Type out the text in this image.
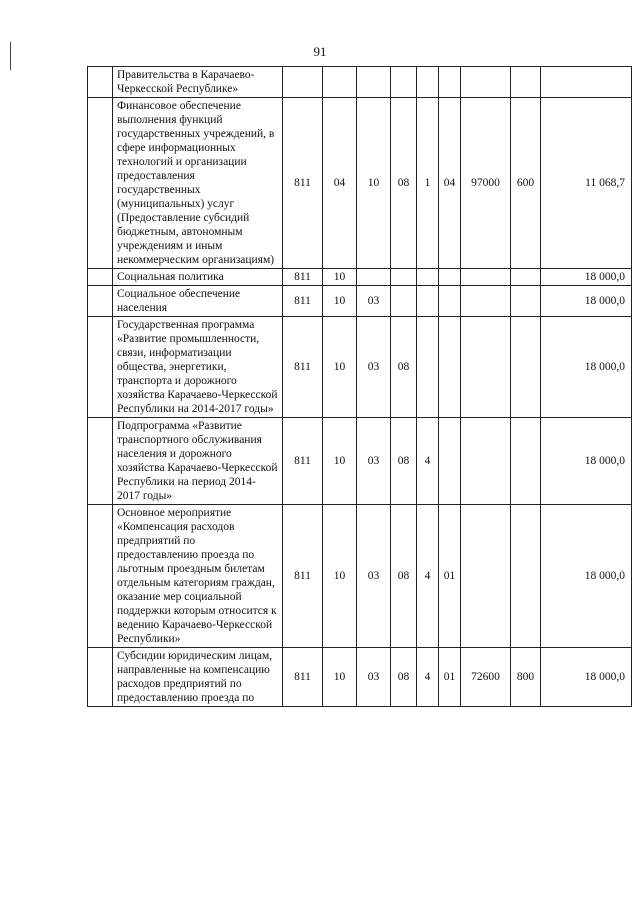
91
	Правительства в Карачаево-Черкесской Республике»									
	Финансовое обеспечение выполнения функций государственных учреждений, в сфере информационных технологий и организации предоставления государственных (муниципальных) услуг (Предоставление субсидий бюджетным, автономным учреждениям и иным некоммерческим организациям)	811	04	10	08	1	04	97000	600	11 068,7
	Социальная политика	811	10							18 000,0
	Социальное обеспечение населения	811	10	03						18 000,0
	Государственная программа «Развитие промышленности, связи, информатизации общества, энергетики, транспорта и дорожного хозяйства Карачаево-Черкесской Республики на 2014-2017 годы»	811	10	03	08					18 000,0
	Подпрограмма «Развитие транспортного обслуживания населения и дорожного хозяйства Карачаево-Черкесской Республики на период 2014-2017 годы»	811	10	03	08	4				18 000,0
	Основное мероприятие «Компенсация расходов предприятий по предоставлению проезда по льготным проездным билетам отдельным категориям граждан, оказание мер социальной поддержки которым относится к ведению Карачаево-Черкесской Республики»	811	10	03	08	4	01			18 000,0
	Субсидии юридическим лицам, направленные на компенсацию расходов предприятий по предоставлению проезда по	811	10	03	08	4	01	72600	800	18 000,0
